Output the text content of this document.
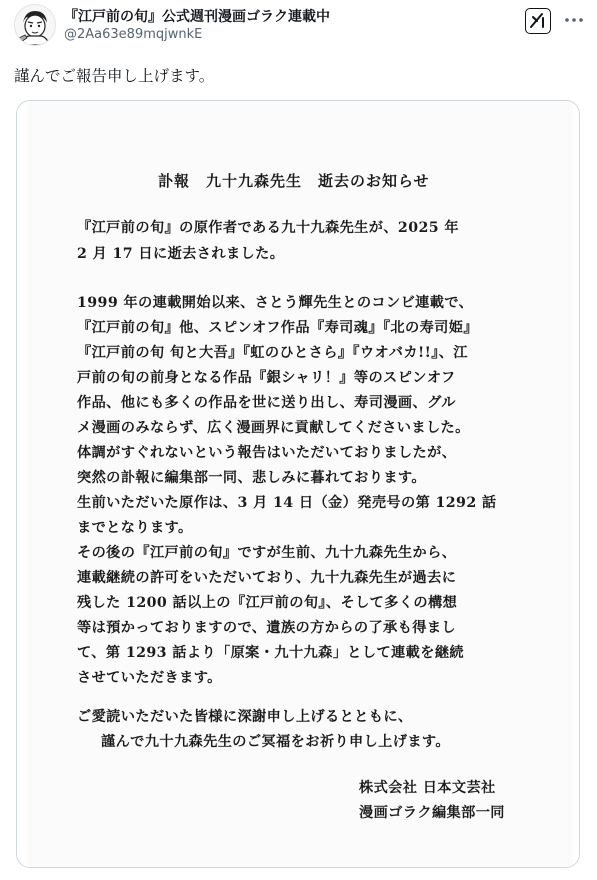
『江戸前の旬』公式週刊漫画ゴラク連載中
@2Aa63e89mqjwnkE
謹んでご報告申し上げます。
訃報　九十九森先生　逝去のお知らせ
『江戸前の旬』の原作者である九十九森先生が、2025 年
2 月 17 日に逝去されました。
1999 年の連載開始以来、さとう輝先生とのコンビ連載で、
『江戸前の旬』他、スピンオフ作品『寿司魂』『北の寿司姫』
『江戸前の旬 旬と大吾』『虹のひとさら』『ウオバカ!!』、江
戸前の旬の前身となる作品『銀シャリ！』等のスピンオフ
作品、他にも多くの作品を世に送り出し、寿司漫画、グル
メ漫画のみならず、広く漫画界に貢献してくださいました。
体調がすぐれないという報告はいただいておりましたが、
突然の訃報に編集部一同、悲しみに暮れております。
生前いただいた原作は、3 月 14 日（金）発売号の第 1292 話
までとなります。
その後の『江戸前の旬』ですが生前、九十九森先生から、
連載継続の許可をいただいており、九十九森先生が過去に
残した 1200 話以上の『江戸前の旬』、そして多くの構想
等は預かっておりますので、遺族の方からの了承も得まし
て、第 1293 話より「原案・九十九森」として連載を継続
させていただきます。
ご愛読いただいた皆様に深謝申し上げるとともに、
謹んで九十九森先生のご冥福をお祈り申し上げます。
株式会社 日本文芸社
漫画ゴラク編集部一同
